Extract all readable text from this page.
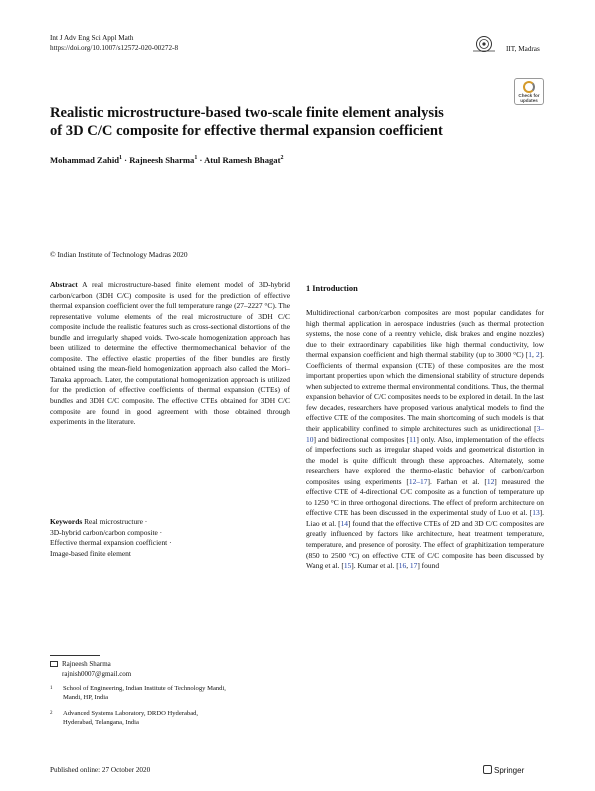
Int J Adv Eng Sci Appl Math
https://doi.org/10.1007/s12572-020-00272-8	IIT, Madras
Check for
updates
Realistic microstructure-based two-scale finite element analysis
of 3D C/C composite for effective thermal expansion coefficient
Mohammad Zahid$^1$ · Rajneesh Sharma$^1$ · Atul Ramesh Bhagat$^2$
© Indian Institute of Technology Madras 2020
Abstract A real microstructure-based finite element model of 3D-hybrid carbon/carbon (3DH C/C) composite is used for the prediction of effective thermal expansion coefficient over the full temperature range (27–2227 °C). The representative volume elements of the real microstructure of 3DH C/C composite include the realistic features such as cross-sectional distortions of the bundle and irregularly shaped voids. Two-scale homogenization approach has been utilized to determine the effective thermomechanical behavior of the composite. The effective elastic properties of the fiber bundles are firstly obtained using the mean-field homogenization approach also called the Mori–Tanaka approach. Later, the computational homogenization approach is utilized for the prediction of effective coefficients of thermal expansion (CTEs) of bundles and 3DH C/C composite. The effective CTEs obtained for 3DH C/C composite are found in good agreement with those obtained through experiments in the literature.
Keywords Real microstructure ·
3D-hybrid carbon/carbon composite ·
Effective thermal expansion coefficient ·
Image-based finite element
Rajneesh Sharma
rajnish0007@gmail.com
1 School of Engineering, Indian Institute of Technology Mandi,
Mandi, HP, India
2 Advanced Systems Laboratory, DRDO Hyderabad,
Hyderabad, Telangana, India
1 Introduction
Multidirectional carbon/carbon composites are most popular candidates for high thermal application in aerospace industries (such as thermal protection systems, the nose cone of a reentry vehicle, disk brakes and engine nozzles) due to their extraordinary capabilities like high thermal conductivity, low thermal expansion coefficient and high thermal stability (up to 3000 °C) [1, 2]. Coefficients of thermal expansion (CTE) of these composites are the most important properties upon which the dimensional stability of structure depends when subjected to extreme thermal environmental conditions. Thus, the thermal expansion behavior of C/C composites needs to be explored in detail. In the last few decades, researchers have proposed various analytical models to find the effective CTE of the composites. The main shortcoming of such models is that their applicability confined to simple architectures such as unidirectional [3–10] and bidirectional composites [11] only. Also, implementation of the effects of imperfections such as irregular shaped voids and geometrical distortion in the model is quite difficult through these approaches. Alternately, some researchers have explored the thermo-elastic behavior of carbon/carbon composites using experiments [12–17]. Farhan et al. [12] measured the effective CTE of 4-directional C/C composite as a function of temperature up to 1250 °C in three orthogonal directions. The effect of preform architecture on effective CTE has been discussed in the experimental study of Luo et al. [13]. Liao et al. [14] found that the effective CTEs of 2D and 3D C/C composites are greatly influenced by factors like architecture, heat treatment temperature, temperature, and presence of porosity. The effect of graphitization temperature (850 to 2500 °C) on effective CTE of C/C composite has been discussed by Wang et al. [15]. Kumar et al. [16, 17] found
Published online: 27 October 2020	Springer
